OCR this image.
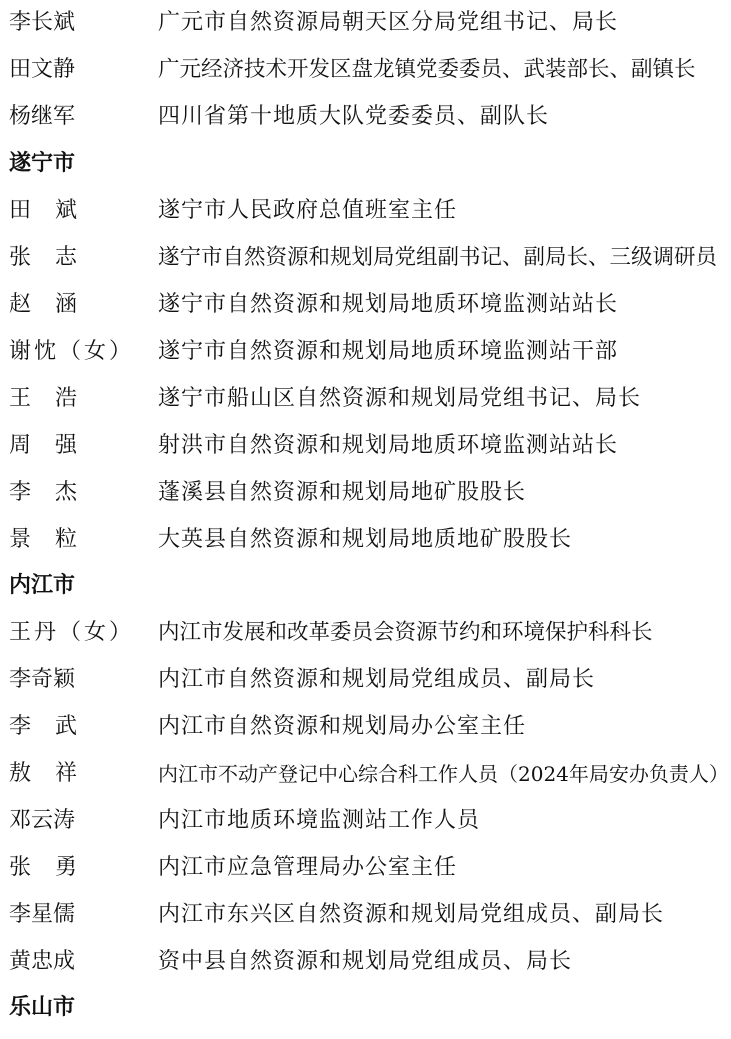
李长斌	广元市自然资源局朝天区分局党组书记、局长
田文静	广元经济技术开发区盘龙镇党委委员、武装部长、副镇长
杨继军	四川省第十地质大队党委委员、副队长
遂宁市
田斌	遂宁市人民政府总值班室主任
张志	遂宁市自然资源和规划局党组副书记、副局长、三级调研员
赵涵	遂宁市自然资源和规划局地质环境监测站站长
谢忱（女）	遂宁市自然资源和规划局地质环境监测站干部
王浩	遂宁市船山区自然资源和规划局党组书记、局长
周强	射洪市自然资源和规划局地质环境监测站站长
李杰	蓬溪县自然资源和规划局地矿股股长
景粒	大英县自然资源和规划局地质地矿股股长
内江市
王丹（女）	内江市发展和改革委员会资源节约和环境保护科科长
李奇颖	内江市自然资源和规划局党组成员、副局长
李武	内江市自然资源和规划局办公室主任
敖祥	内江市不动产登记中心综合科工作人员（2024年局安办负责人）
邓云涛	内江市地质环境监测站工作人员
张勇	内江市应急管理局办公室主任
李星儒	内江市东兴区自然资源和规划局党组成员、副局长
黄忠成	资中县自然资源和规划局党组成员、局长
乐山市
